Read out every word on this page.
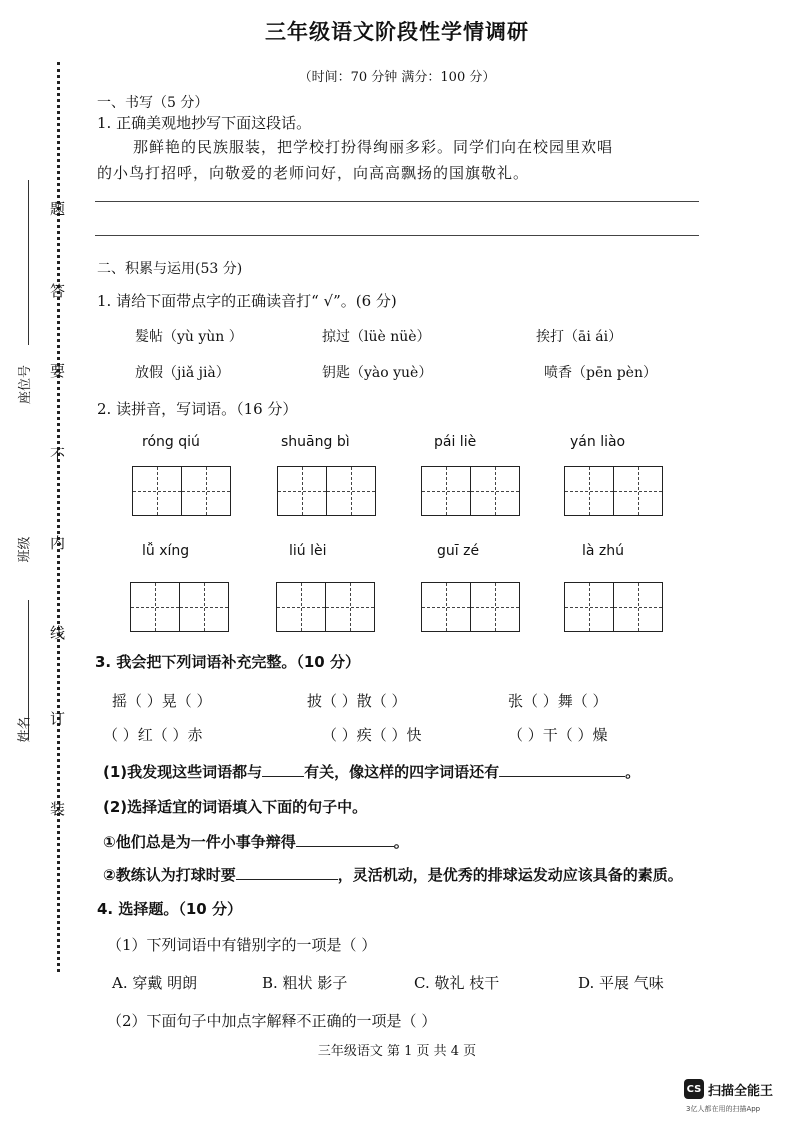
三年级语文阶段性学情调研
（时间：70 分钟 满分：100 分）
座位号
班级
姓名
装
订
线
内
不
要
答
题
一、书写（5 分）
1. 正确美观地抄写下面这段话。
那鲜艳的民族服装，把学校打扮得绚丽多彩。同学们向在校园里欢唱
的小鸟打招呼，向敬爱的老师问好，向高高飘扬的国旗敬礼。
二、积累与运用(53 分)
1. 请给下面带点字的正确读音打“ √”。(6 分)
髮帖（yù yùn ）	掠过（lüè nüè）	挨打（āi ái）
放假（jiǎ jià）	钥匙（yào yuè）	喷香（pēn pèn）
2. 读拼音，写词语。（16 分）
róng qiú	shuāng bì	pái liè	yán liào
lǚ xíng	liú lèi	guī zé	là zhú
3. 我会把下列词语补充完整。（10 分）
摇（ ）晃（ ）	披（ ）散（ ）	张（ ）舞（ ）
（ ）红（ ）赤	（ ）疾（ ）快	（ ）干（ ）燥
(1)我发现这些词语都与	有关，像这样的四字词语还有	。
(2)选择适宜的词语填入下面的句子中。
①他们总是为一件小事争辩得	。
②教练认为打球时要	，灵活机动，是优秀的排球运发动应该具备的素质。
4. 选择题。（10 分）
（1）下列词语中有错别字的一项是（ ）
A. 穿戴 明朗	B. 粗状 影子	C. 敬礼 枝干	D. 平展 气味
（2）下面句子中加点字解释不正确的一项是（ ）
三年级语文 第 1 页 共 4 页
CS 扫描全能王
3亿人都在用的扫描App
